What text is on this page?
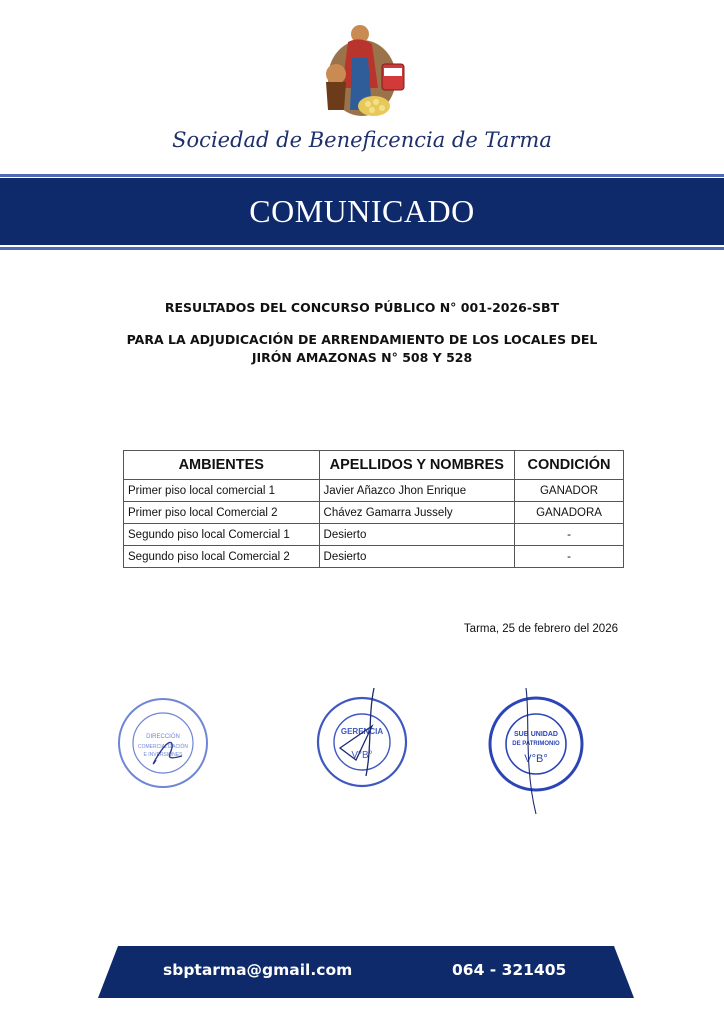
Sociedad de Beneficencia de Tarma
COMUNICADO
RESULTADOS DEL CONCURSO PÚBLICO N° 001-2026-SBT
PARA LA ADJUDICACIÓN DE ARRENDAMIENTO DE LOS LOCALES DEL
JIRÓN AMAZONAS N° 508 Y 528
AMBIENTES	APELLIDOS Y NOMBRES	CONDICIÓN
Primer piso local comercial 1	Javier Añazco Jhon Enrique	GANADOR
Primer piso local Comercial 2	Chávez Gamarra Jussely	GANADORA
Segundo piso local Comercial 1	Desierto	-
Segundo piso local Comercial 2	Desierto	-
Tarma, 25 de febrero del 2026
DIRECCIÓN
COMERCIALIZACIÓN
E INVERSIONES
GERENCIA
V°B°
SUB UNIDAD
DE PATRIMONIO
V°B°
sbptarma@gmail.com	064 - 321405
